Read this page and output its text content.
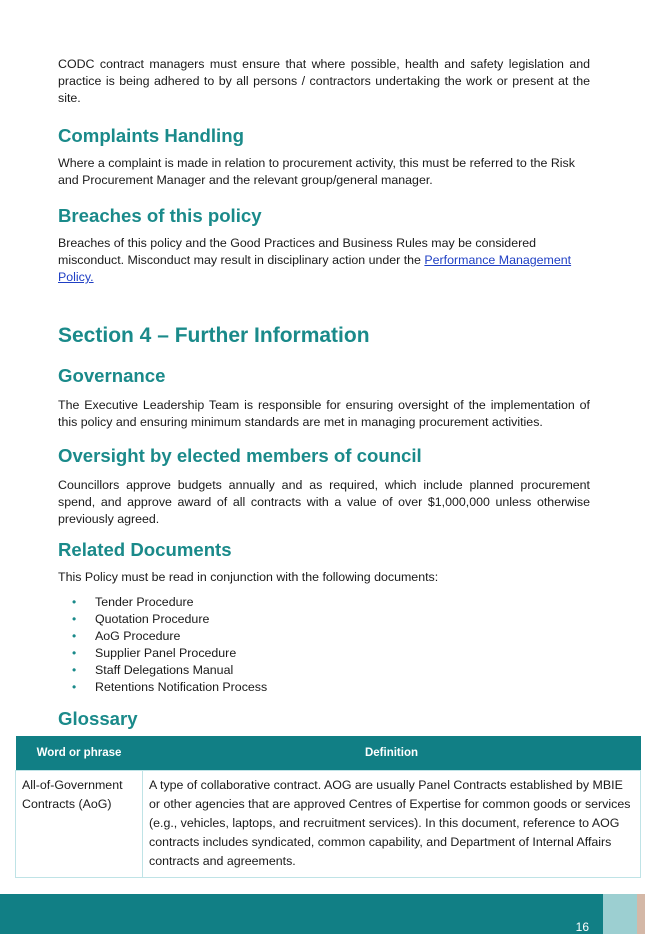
CODC contract managers must ensure that where possible, health and safety legislation and practice is being adhered to by all persons / contractors undertaking the work or present at the site.

Complaints Handling

Where a complaint is made in relation to procurement activity, this must be referred to the Risk and Procurement Manager and the relevant group/general manager.

Breaches of this policy

Breaches of this policy and the Good Practices and Business Rules may be considered misconduct. Misconduct may result in disciplinary action under the Performance Management Policy.

Section 4 – Further Information
Governance

The Executive Leadership Team is responsible for ensuring oversight of the implementation of this policy and ensuring minimum standards are met in managing procurement activities.

Oversight by elected members of council

Councillors approve budgets annually and as required, which include planned procurement spend, and approve award of all contracts with a value of over $1,000,000 unless otherwise previously agreed.

Related Documents

This Policy must be read in conjunction with the following documents:

• Tender Procedure
• Quotation Procedure
• AoG Procedure
• Supplier Panel Procedure
• Staff Delegations Manual
• Retentions Notification Process
Glossary
Word or phrase	Definition
All-of-Government Contracts (AoG)	A type of collaborative contract. AOG are usually Panel Contracts established by MBIE or other agencies that are approved Centres of Expertise for common goods or services (e.g., vehicles, laptops, and recruitment services). In this document, reference to AOG contracts includes syndicated, common capability, and Department of Internal Affairs contracts and agreements.
16
